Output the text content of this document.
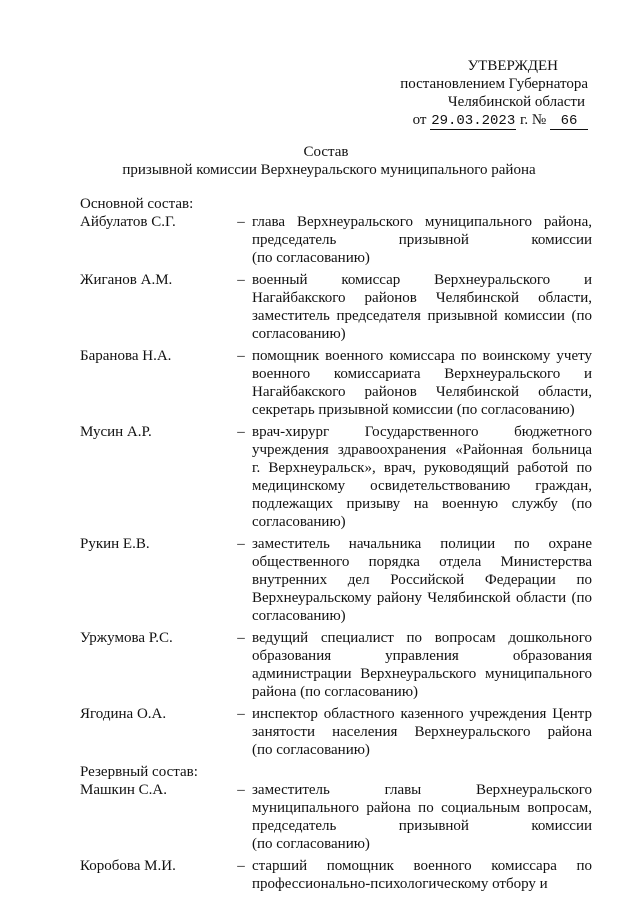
УТВЕРЖДЕН
постановлением Губернатора
Челябинской области
от 29.03.2023 г. № 66
Состав
призывной комиссии Верхнеуральского муниципального района
Основной состав:
Айбулатов С.Г.	– глава Верхнеуральского муниципального района,
председатель призывной комиссии
(по согласованию)
Жиганов А.М.	– военный комиссар Верхнеуральского и
Нагайбакского районов Челябинской области,
заместитель председателя призывной комиссии (по
согласованию)
Баранова Н.А.	– помощник военного комиссара по воинскому учету
военного комиссариата Верхнеуральского и
Нагайбакского районов Челябинской области,
секретарь призывной комиссии (по согласованию)
Мусин А.Р.	– врач-хирург Государственного бюджетного
учреждения здравоохранения «Районная больница
г. Верхнеуральск», врач, руководящий работой по
медицинскому освидетельствованию граждан,
подлежащих призыву на военную службу (по
согласованию)
Рукин Е.В.	– заместитель начальника полиции по охране
общественного порядка отдела Министерства
внутренних дел Российской Федерации по
Верхнеуральскому району Челябинской области (по
согласованию)
Уржумова Р.С.	– ведущий специалист по вопросам дошкольного
образования управления образования
администрации Верхнеуральского муниципального
района (по согласованию)
Ягодина О.А.	– инспектор областного казенного учреждения Центр
занятости населения Верхнеуральского района
(по согласованию)
Резервный состав:
Машкин С.А.	– заместитель главы Верхнеуральского
муниципального района по социальным вопросам,
председатель призывной комиссии
(по согласованию)
Коробова М.И.	– старший помощник военного комиссара по
профессионально-психологическому отбору и
